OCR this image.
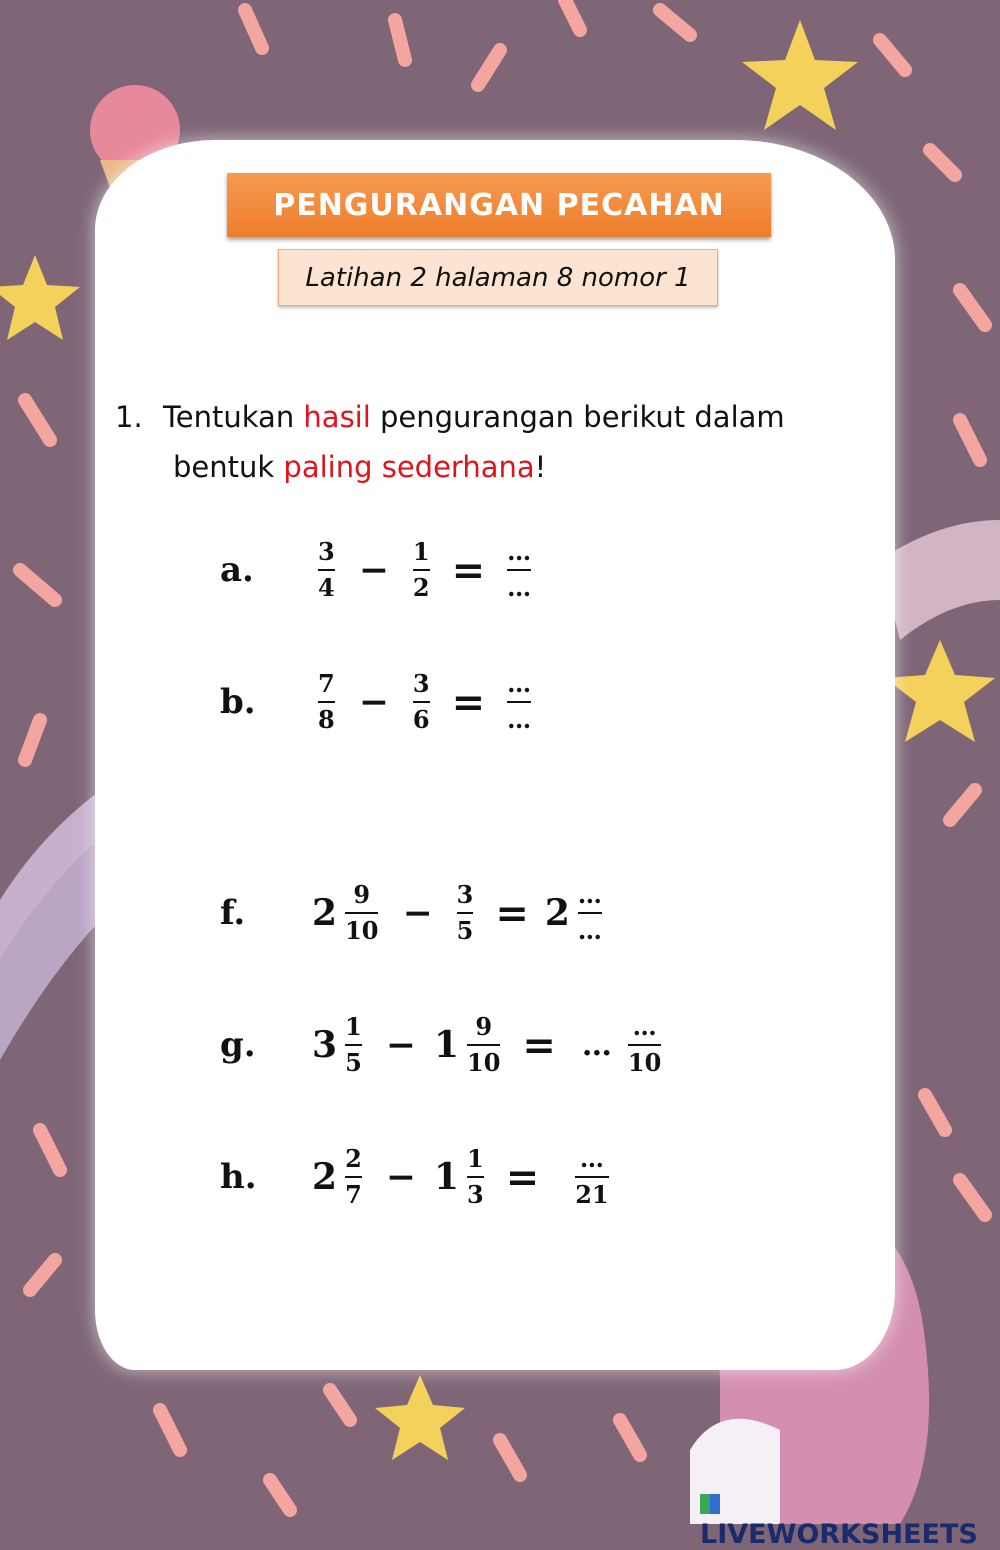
PENGURANGAN PECAHAN
Latihan 2 halaman 8 nomor 1
1. Tentukan hasil pengurangan berikut dalam
bentuk paling sederhana!
a.	$\frac{3}{4} - \frac{1}{2} = \frac{\dots}{\dots}$
b.	$\frac{7}{8} - \frac{3}{6} = \frac{\dots}{\dots}$
f.	$2 \frac{9}{10} - \frac{3}{5} = 2 \frac{\dots}{\dots}$
g.	$3 \frac{1}{5} - 1 \frac{9}{10}$ = … $\frac{\dots}{10}$
h.	$2 \frac{2}{7} - 1 \frac{1}{3} = \frac{\dots}{21}$
LIVEWORKSHEETS
